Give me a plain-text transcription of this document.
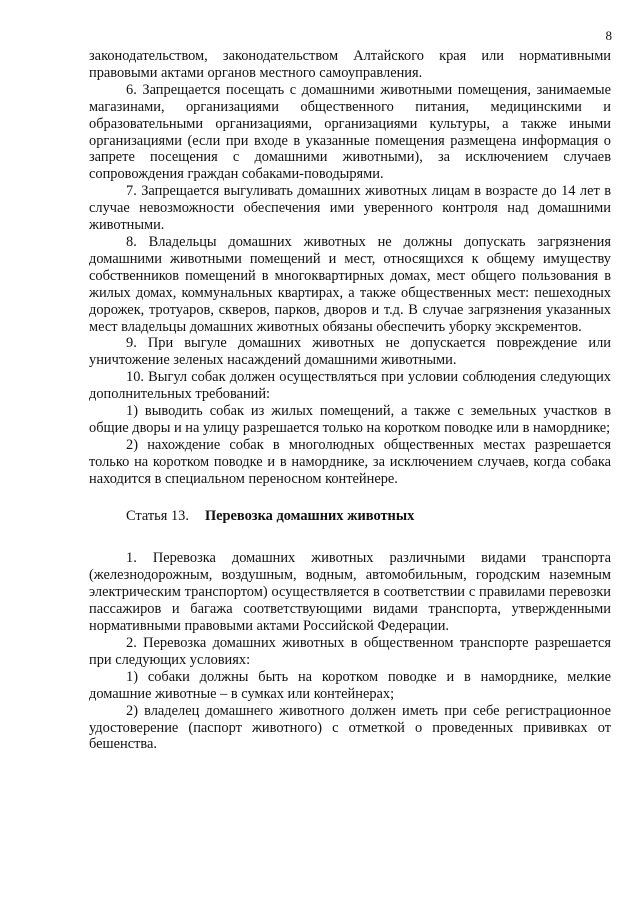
8

законодательством, законодательством Алтайского края или нормативными правовыми актами органов местного самоуправления.

6. Запрещается посещать с домашними животными помещения, занимаемые магазинами, организациями общественного питания, медицинскими и образовательными организациями, организациями культуры, а также иными организациями (если при входе в указанные помещения размещена информация о запрете посещения с домашними животными), за исключением случаев сопровождения граждан собаками-поводырями.

7. Запрещается выгуливать домашних животных лицам в возрасте до 14 лет в случае невозможности обеспечения ими уверенного контроля над домашними животными.

8. Владельцы домашних животных не должны допускать загрязнения домашними животными помещений и мест, относящихся к общему имуществу собственников помещений в многоквартирных домах, мест общего пользования в жилых домах, коммунальных квартирах, а также общественных мест: пешеходных дорожек, тротуаров, скверов, парков, дворов и т.д. В случае загрязнения указанных мест владельцы домашних животных обязаны обеспечить уборку экскрементов.

9. При выгуле домашних животных не допускается повреждение или уничтожение зеленых насаждений домашними животными.

10. Выгул собак должен осуществляться при условии соблюдения следующих дополнительных требований:

1) выводить собак из жилых помещений, а также с земельных участков в общие дворы и на улицу разрешается только на коротком поводке или в наморднике;

2) нахождение собак в многолюдных общественных местах разрешается только на коротком поводке и в наморднике, за исключением случаев, когда собака находится в специальном переносном контейнере.

Статья 13. Перевозка домашних животных

1. Перевозка домашних животных различными видами транспорта (железнодорожным, воздушным, водным, автомобильным, городским наземным электрическим транспортом) осуществляется в соответствии с правилами перевозки пассажиров и багажа соответствующими видами транспорта, утвержденными нормативными правовыми актами Российской Федерации.

2. Перевозка домашних животных в общественном транспорте разрешается при следующих условиях:

1) собаки должны быть на коротком поводке и в наморднике, мелкие домашние животные – в сумках или контейнерах;

2) владелец домашнего животного должен иметь при себе регистрационное удостоверение (паспорт животного) с отметкой о проведенных прививках от бешенства.
